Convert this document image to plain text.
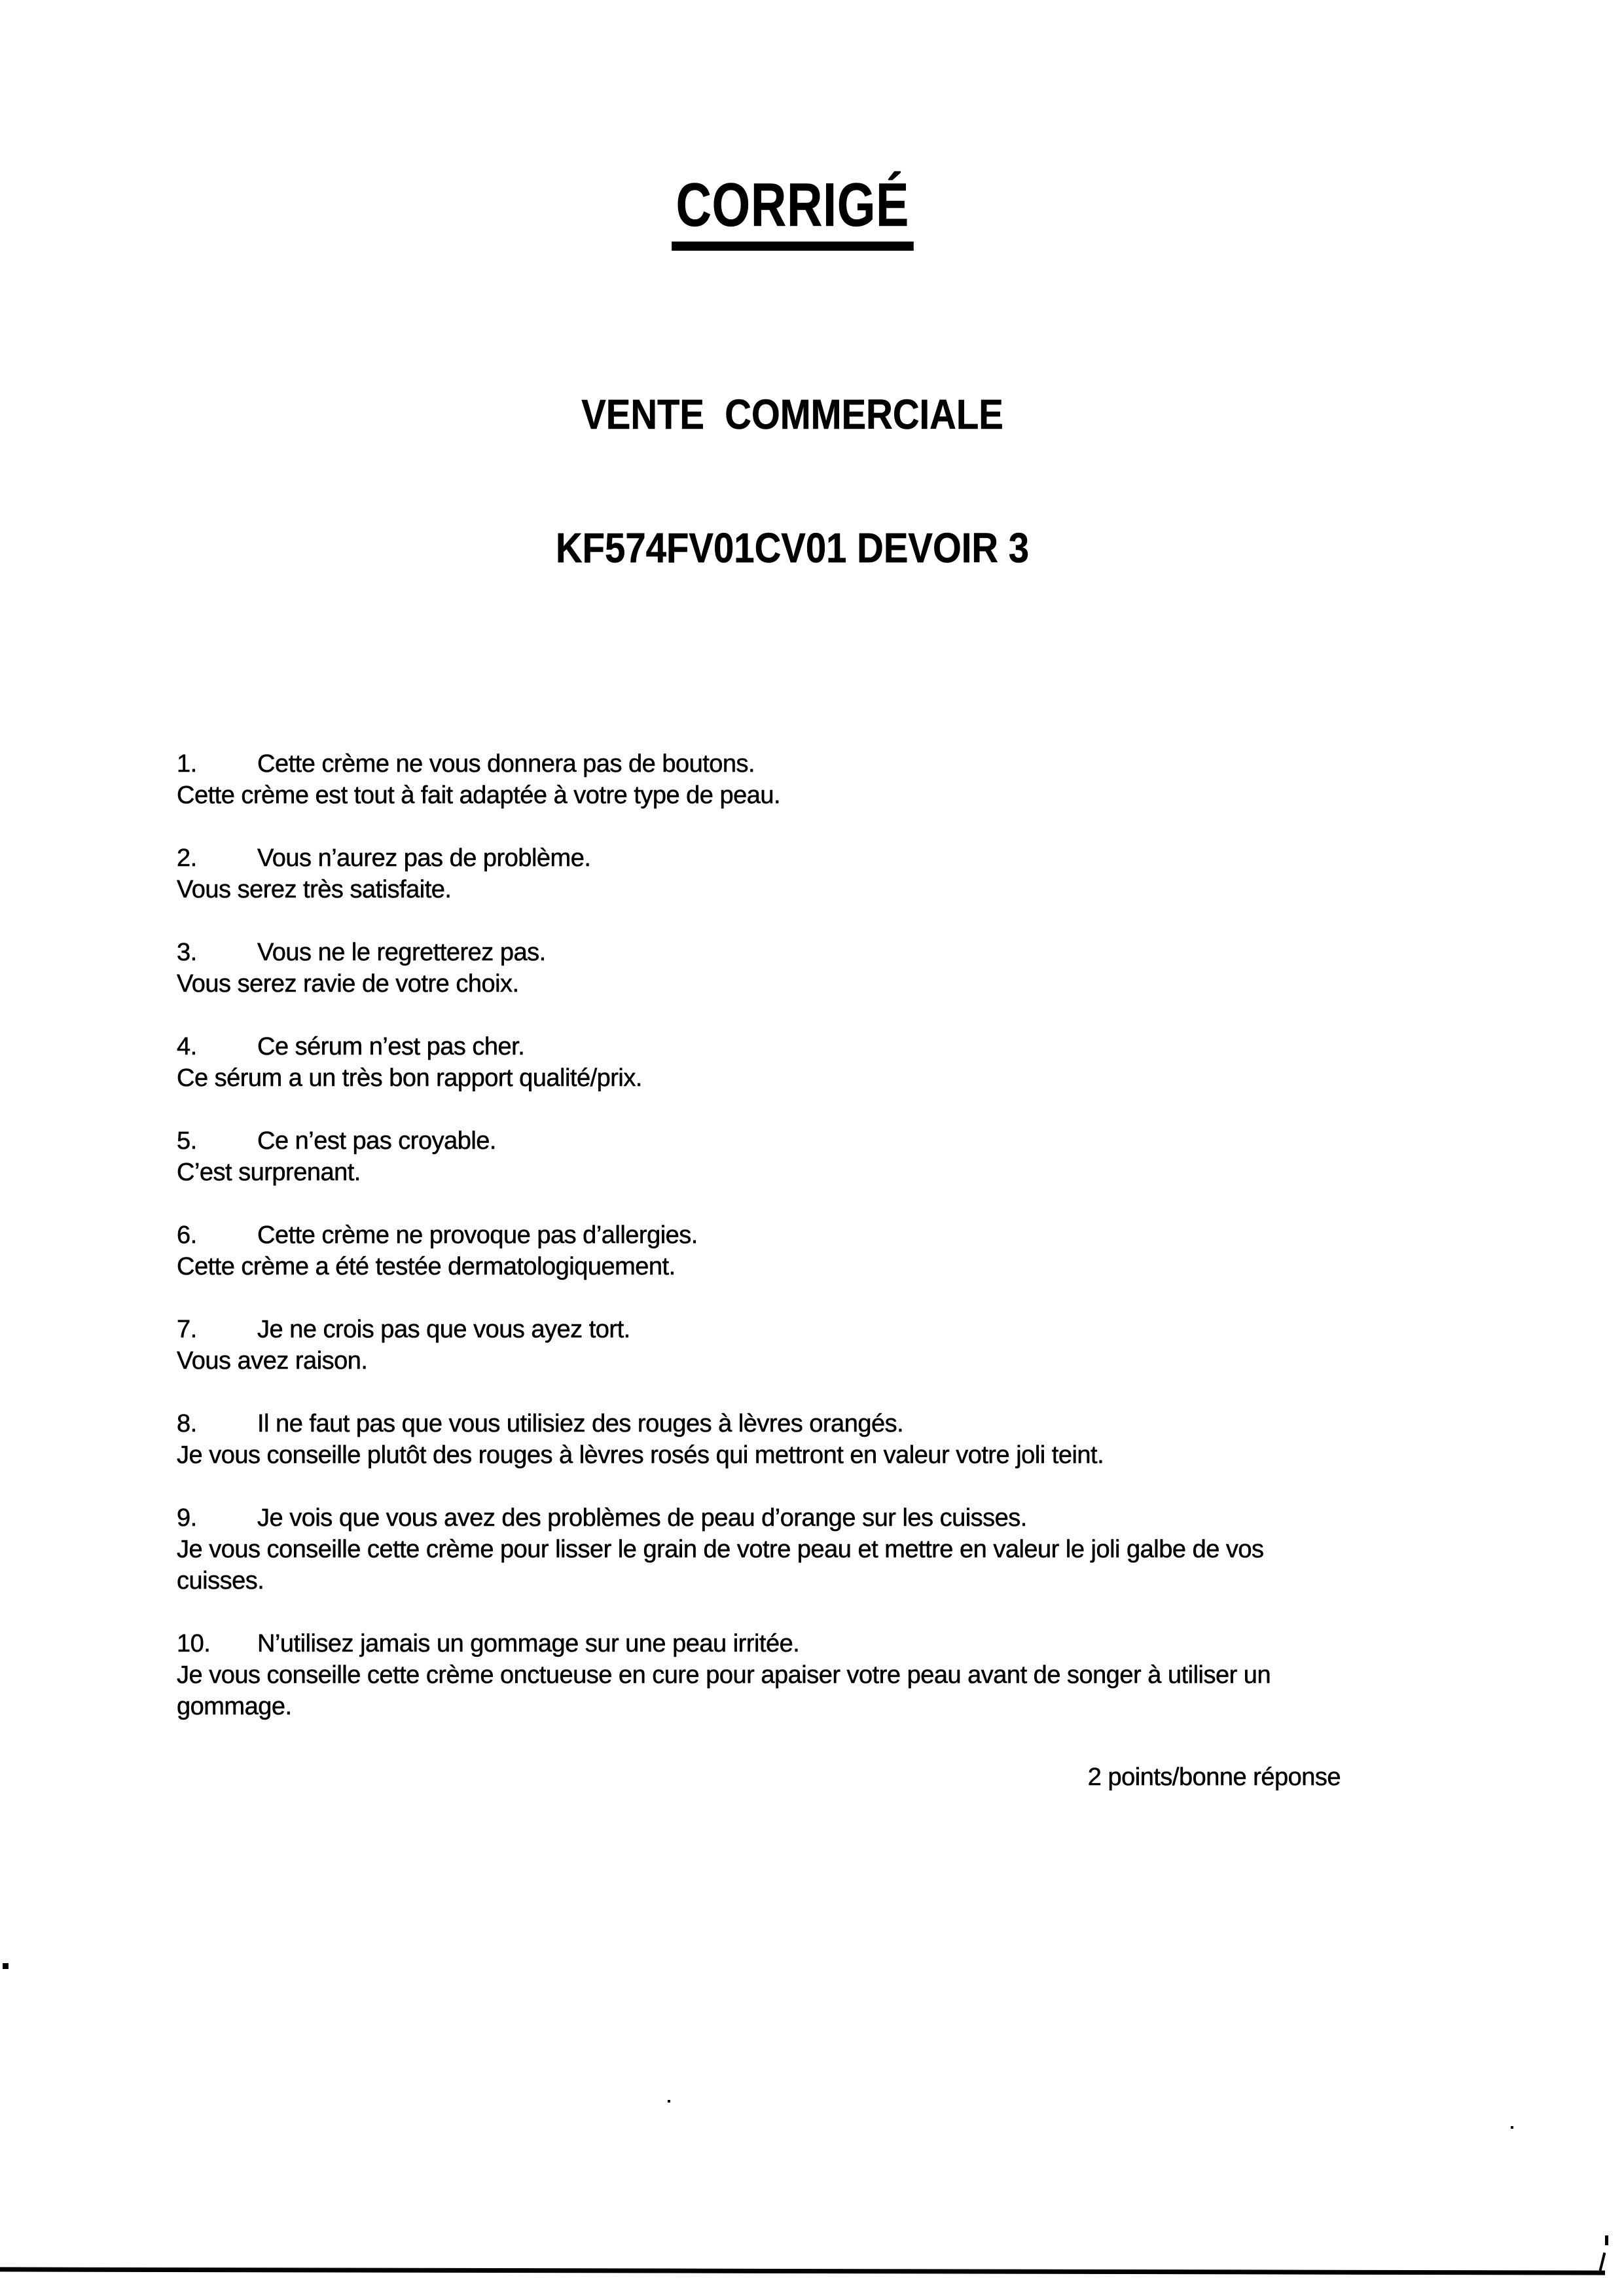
CORRIGÉ

VENTE  COMMERCIALE

KF574FV01CV01 DEVOIR 3

1. Cette crème ne vous donnera pas de boutons.

Cette crème est tout à fait adaptée à votre type de peau.

2. Vous n’aurez pas de problème.

Vous serez très satisfaite.

3. Vous ne le regretterez pas.

Vous serez ravie de votre choix.

4. Ce sérum n’est pas cher.

Ce sérum a un très bon rapport qualité/prix.

5. Ce n’est pas croyable.

C’est surprenant.

6. Cette crème ne provoque pas d’allergies.

Cette crème a été testée dermatologiquement.

7. Je ne crois pas que vous ayez tort.

Vous avez raison.

8. Il ne faut pas que vous utilisiez des rouges à lèvres orangés.

Je vous conseille plutôt des rouges à lèvres rosés qui mettront en valeur votre joli teint.

9. Je vois que vous avez des problèmes de peau d’orange sur les cuisses.

Je vous conseille cette crème pour lisser le grain de votre peau et mettre en valeur le joli galbe de vos

cuisses.

10. N’utilisez jamais un gommage sur une peau irritée.

Je vous conseille cette crème onctueuse en cure pour apaiser votre peau avant de songer à utiliser un

gommage.

2 points/bonne réponse
